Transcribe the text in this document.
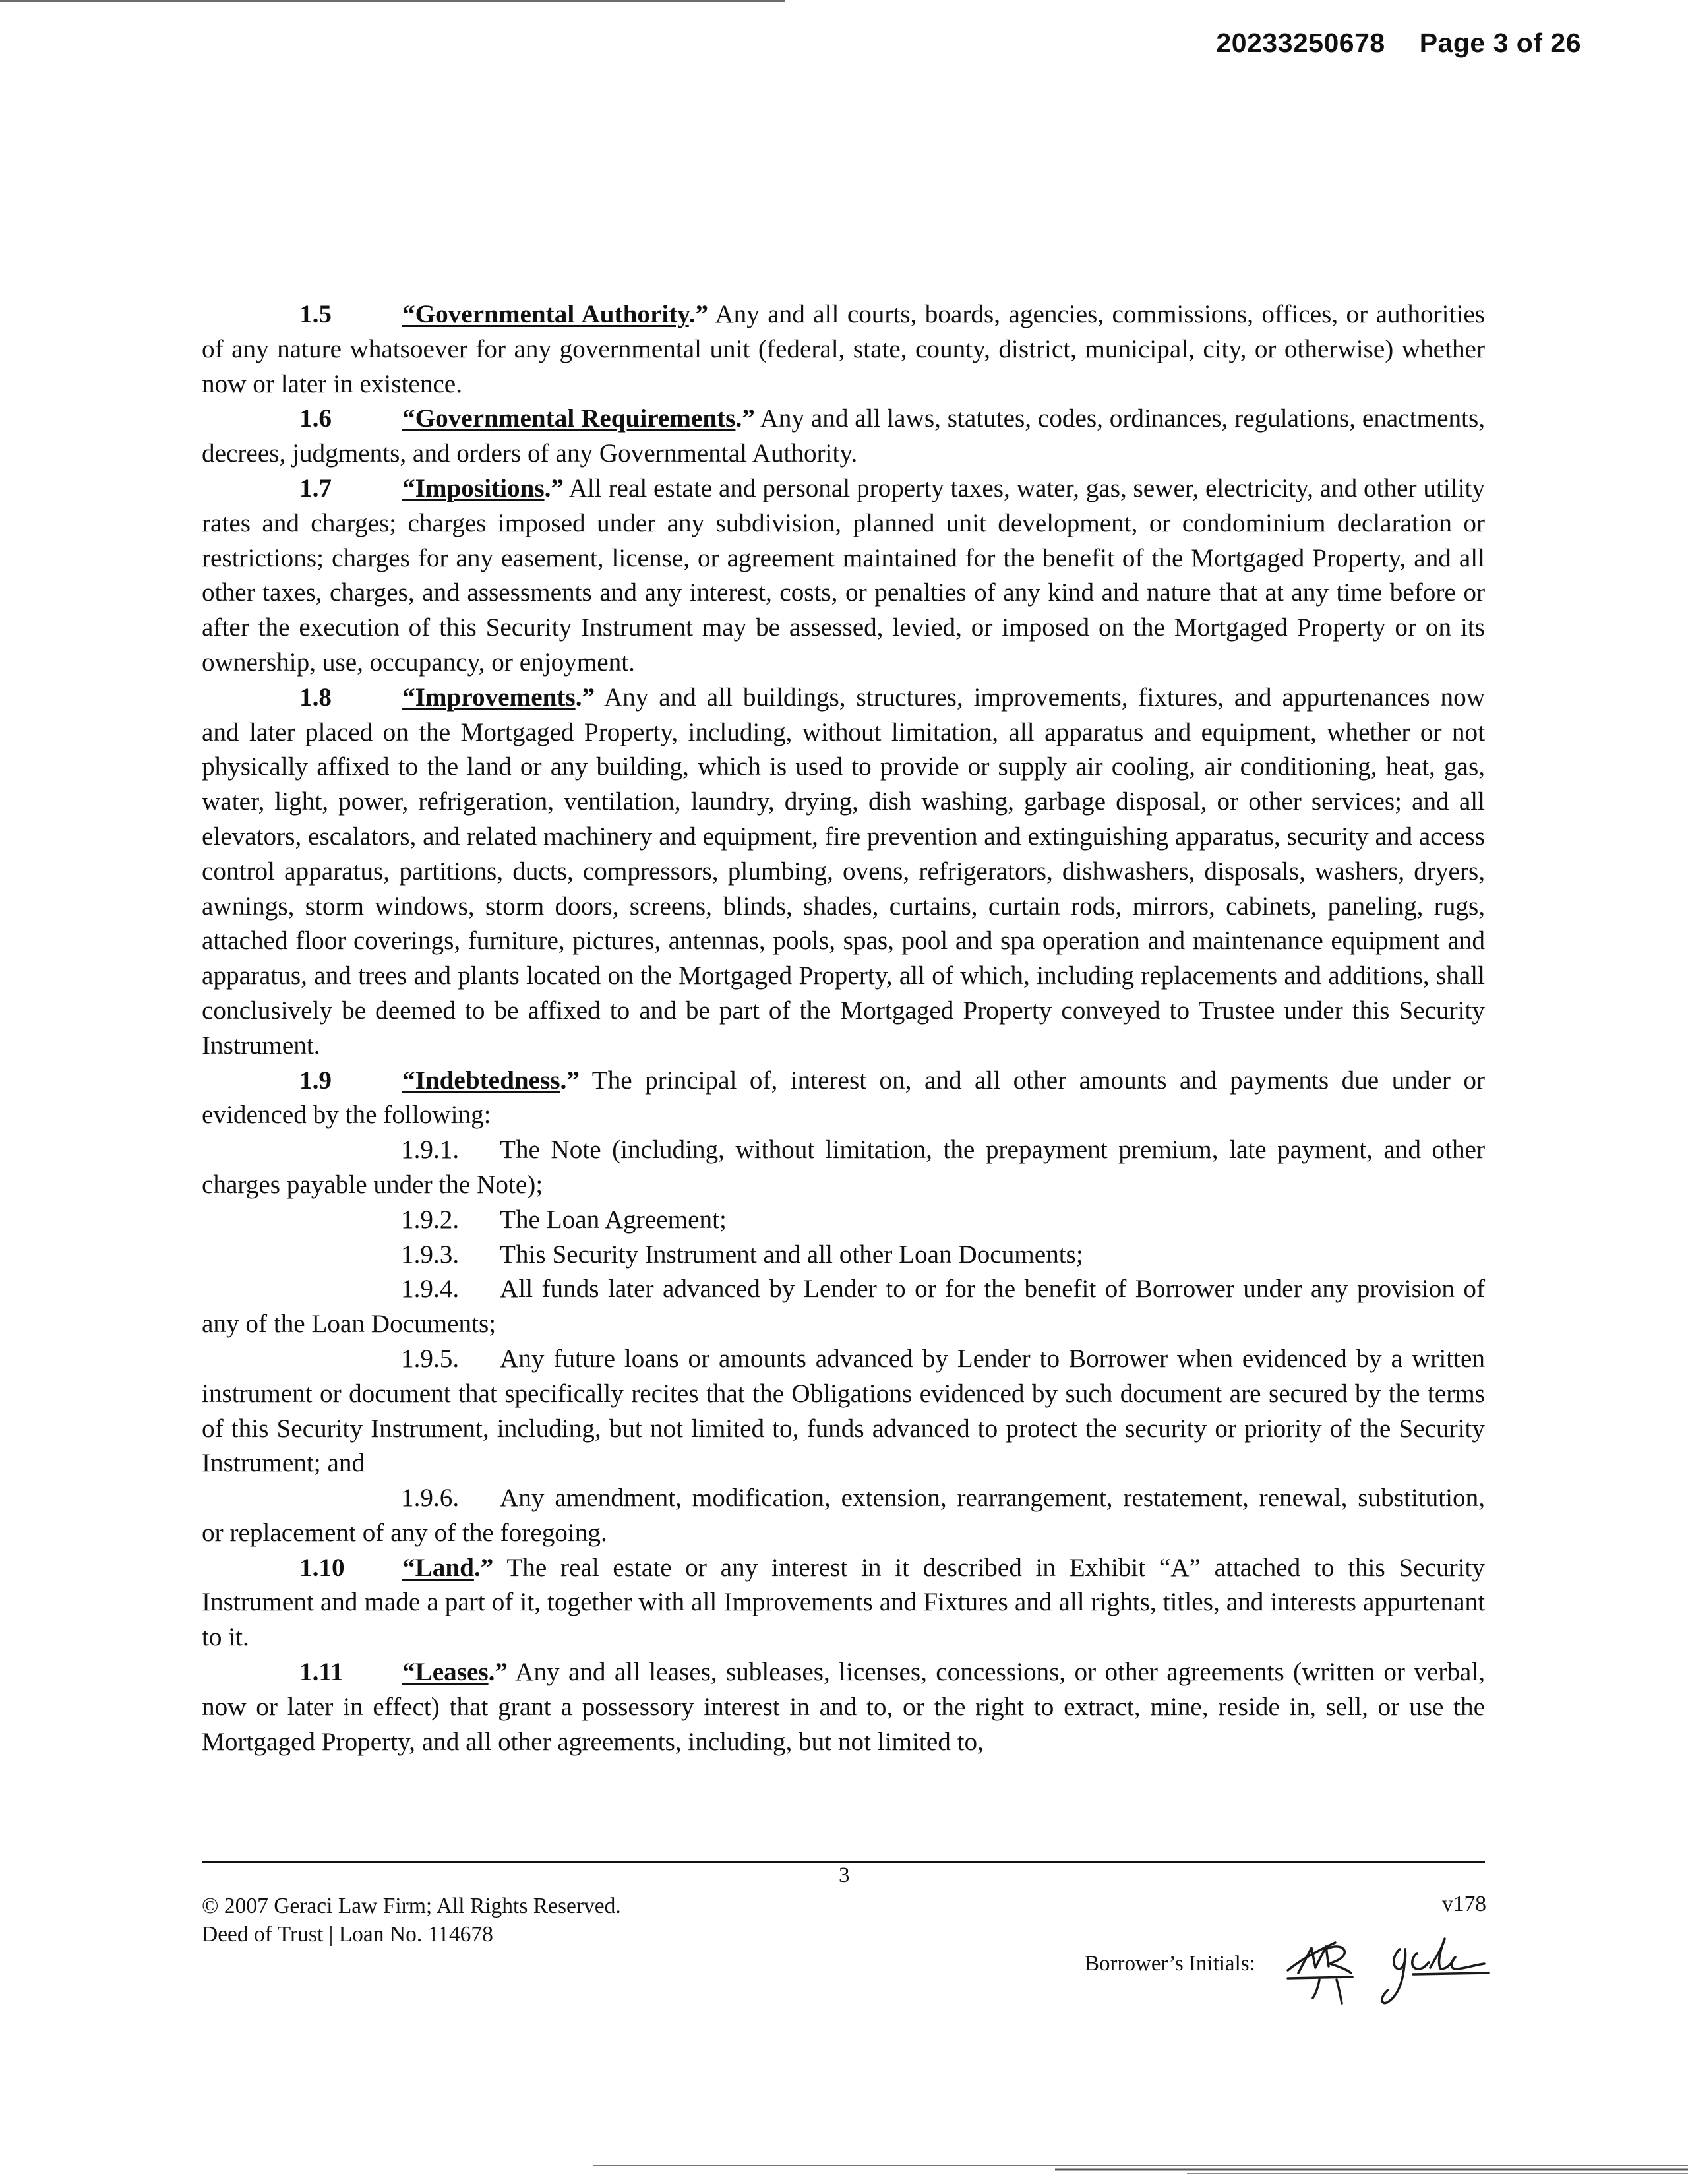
20233250678 Page 3 of 26

1.5	“Governmental Authority.” Any and all courts, boards, agencies, commissions, offices, or authorities of any nature whatsoever for any governmental unit (federal, state, county, district, municipal, city, or otherwise) whether now or later in existence.

1.6	“Governmental Requirements.” Any and all laws, statutes, codes, ordinances, regulations, enactments, decrees, judgments, and orders of any Governmental Authority.

1.7	“Impositions.” All real estate and personal property taxes, water, gas, sewer, electricity, and other utility rates and charges; charges imposed under any subdivision, planned unit development, or condominium declaration or restrictions; charges for any easement, license, or agreement maintained for the benefit of the Mortgaged Property, and all other taxes, charges, and assessments and any interest, costs, or penalties of any kind and nature that at any time before or after the execution of this Security Instrument may be assessed, levied, or imposed on the Mortgaged Property or on its ownership, use, occupancy, or enjoyment.

1.8	“Improvements.” Any and all buildings, structures, improvements, fixtures, and appurtenances now and later placed on the Mortgaged Property, including, without limitation, all apparatus and equipment, whether or not physically affixed to the land or any building, which is used to provide or supply air cooling, air conditioning, heat, gas, water, light, power, refrigeration, ventilation, laundry, drying, dish washing, garbage disposal, or other services; and all elevators, escalators, and related machinery and equipment, fire prevention and extinguishing apparatus, security and access control apparatus, partitions, ducts, compressors, plumbing, ovens, refrigerators, dishwashers, disposals, washers, dryers, awnings, storm windows, storm doors, screens, blinds, shades, curtains, curtain rods, mirrors, cabinets, paneling, rugs, attached floor coverings, furniture, pictures, antennas, pools, spas, pool and spa operation and maintenance equipment and apparatus, and trees and plants located on the Mortgaged Property, all of which, including replacements and additions, shall conclusively be deemed to be affixed to and be part of the Mortgaged Property conveyed to Trustee under this Security Instrument.

1.9	“Indebtedness.” The principal of, interest on, and all other amounts and payments due under or evidenced by the following:

1.9.1. The Note (including, without limitation, the prepayment premium, late payment, and other charges payable under the Note);

1.9.2. The Loan Agreement;

1.9.3. This Security Instrument and all other Loan Documents;

1.9.4. All funds later advanced by Lender to or for the benefit of Borrower under any provision of any of the Loan Documents;

1.9.5. Any future loans or amounts advanced by Lender to Borrower when evidenced by a written instrument or document that specifically recites that the Obligations evidenced by such document are secured by the terms of this Security Instrument, including, but not limited to, funds advanced to protect the security or priority of the Security Instrument; and

1.9.6. Any amendment, modification, extension, rearrangement, restatement, renewal, substitution, or replacement of any of the foregoing.

1.10 “Land.” The real estate or any interest in it described in Exhibit “A” attached to this Security Instrument and made a part of it, together with all Improvements and Fixtures and all rights, titles, and interests appurtenant to it.

1.11 “Leases.” Any and all leases, subleases, licenses, concessions, or other agreements (written or verbal, now or later in effect) that grant a possessory interest in and to, or the right to extract, mine, reside in, sell, or use the Mortgaged Property, and all other agreements, including, but not limited to,

3
© 2007 Geraci Law Firm; All Rights Reserved.
Deed of Trust | Loan No. 114678
v178
Borrower’s Initials:
